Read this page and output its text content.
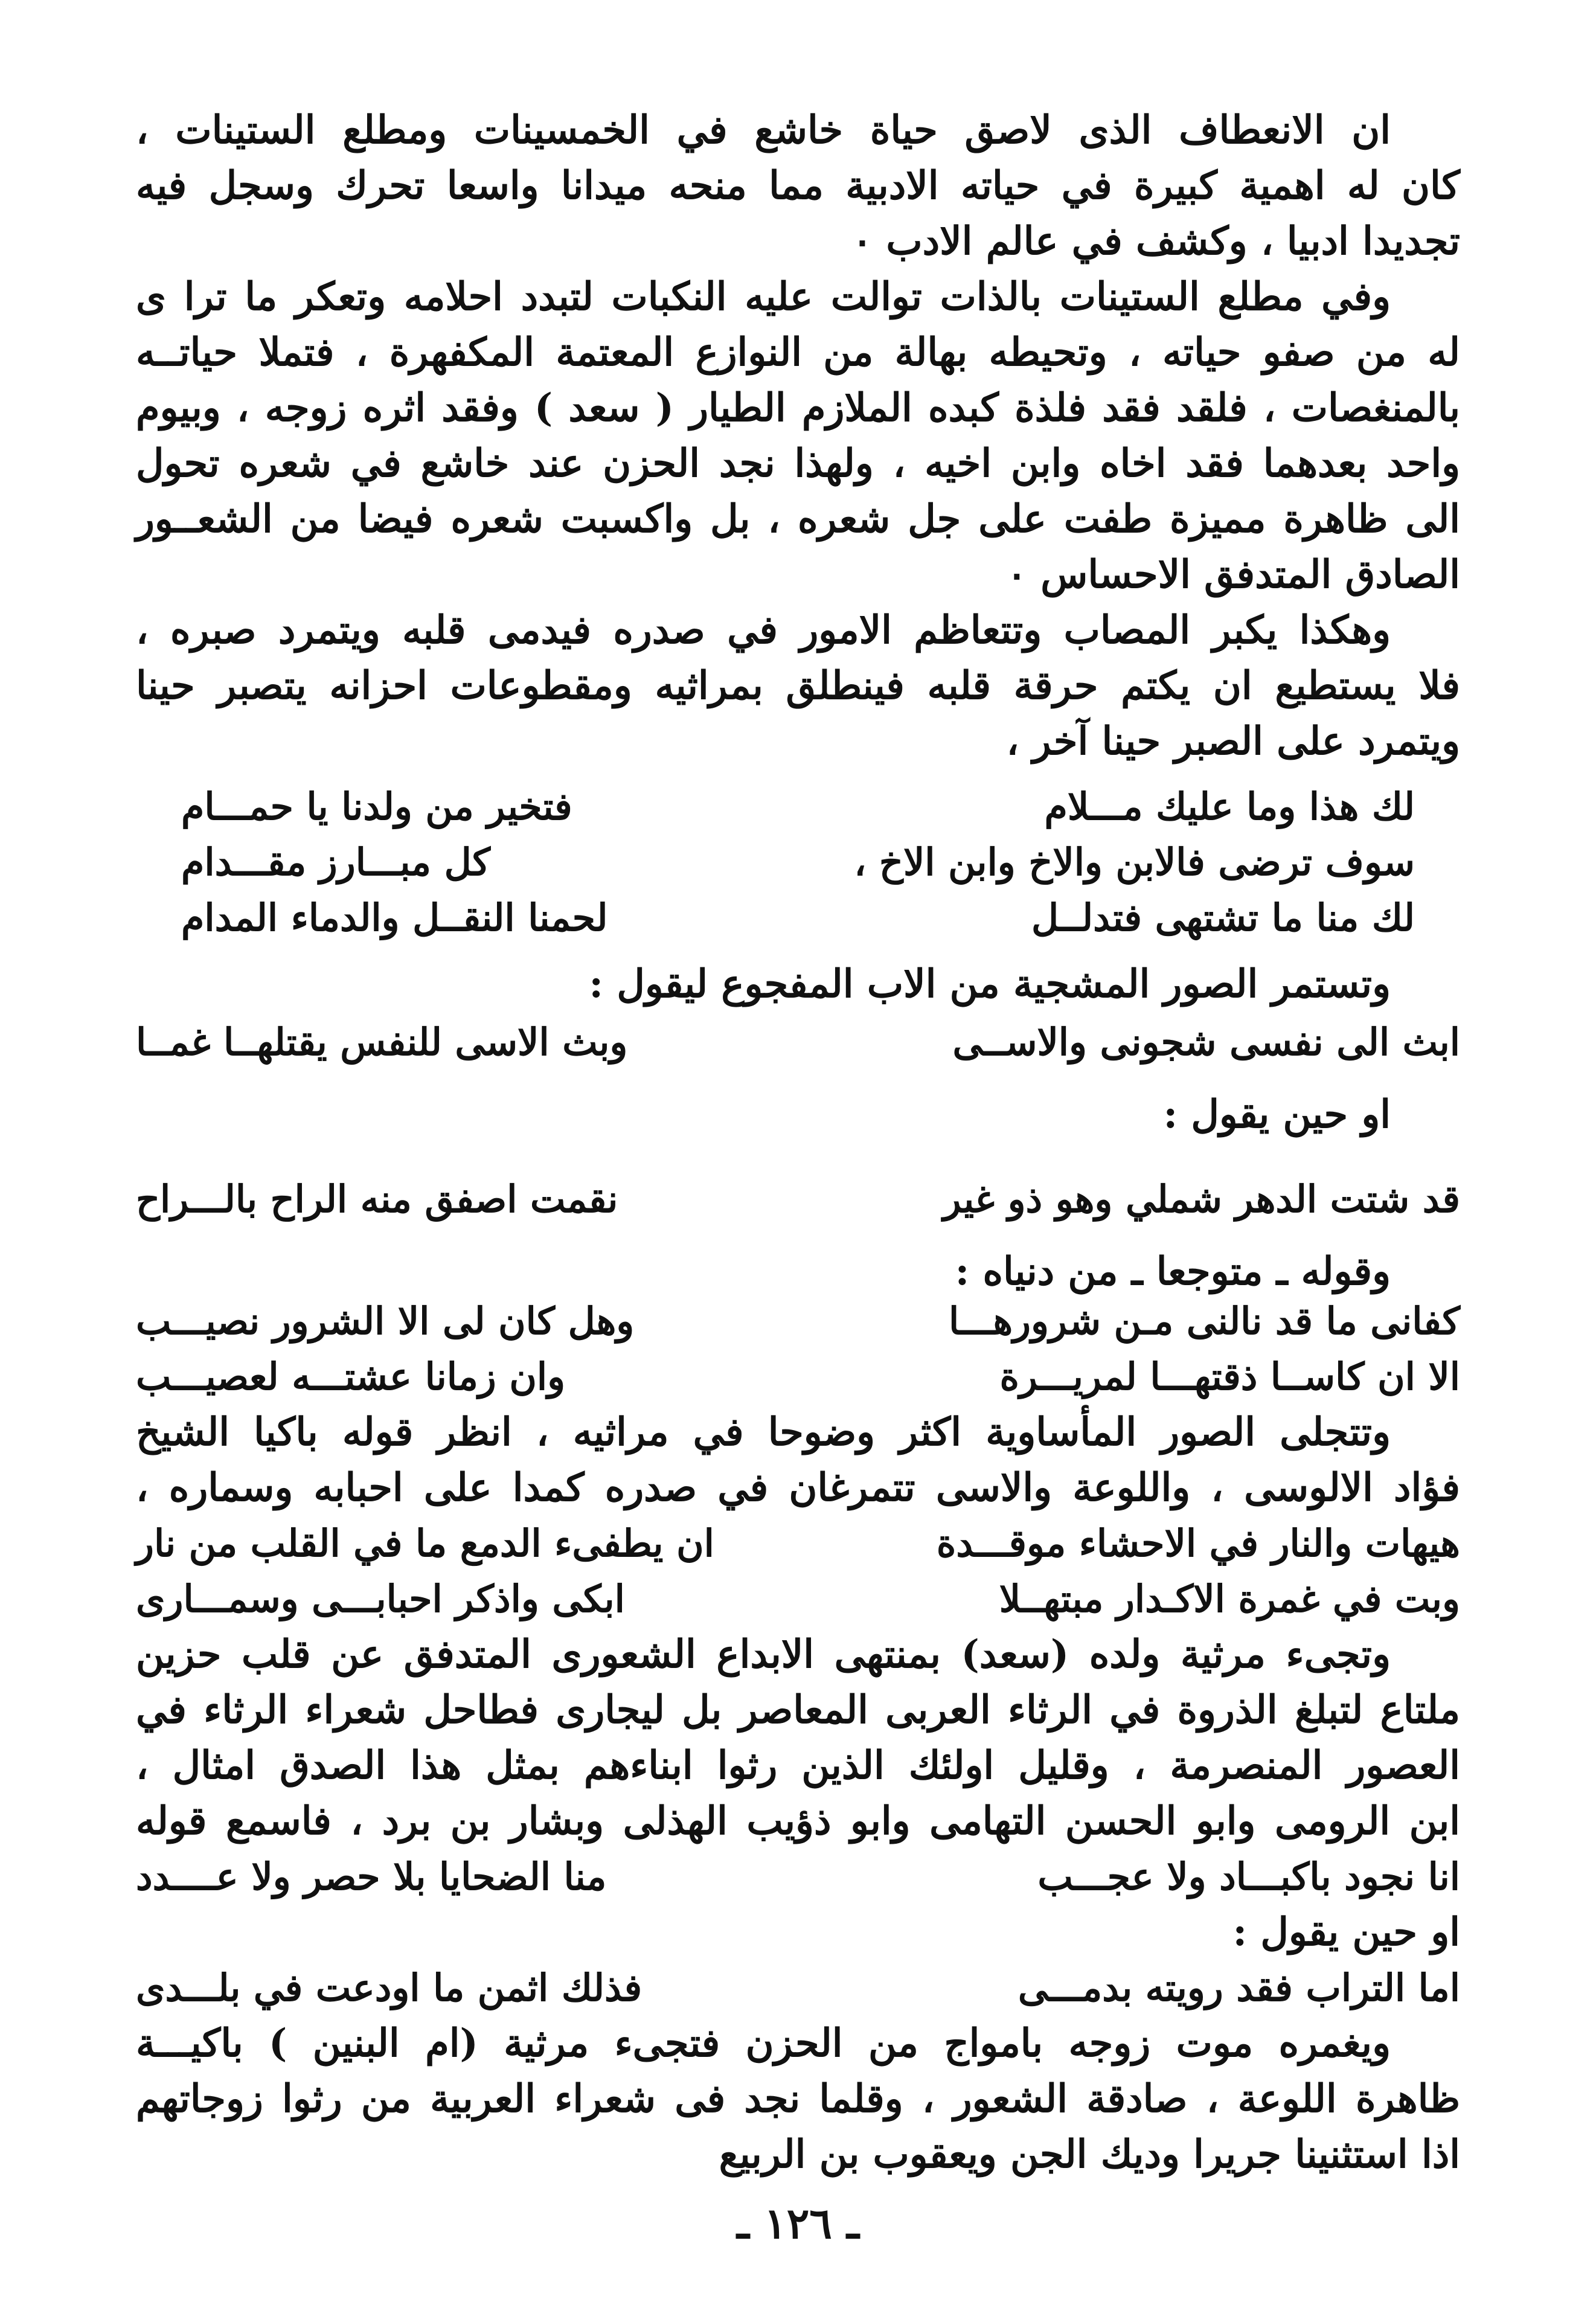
ان الانعطاف الذى لاصق حياة خاشع في الخمسينات ومطلع الستينات ،
كان له اهمية كبيرة في حياته الادبية مما منحه ميدانا واسعا تحرك وسجل فيه
تجديدا ادبيا ، وكشف في عالم الادب ٠
وفي مطلع الستينات بالذات توالت عليه النكبات لتبدد احلامه وتعكر ما ترا ى
له من صفو حياته ، وتحيطه بهالة من النوازع المعتمة المكفهرة ، فتملا حياتــه
بالمنغصات ، فلقد فقد فلذة كبده الملازم الطيار ( سعد ) وفقد اثره زوجه ، وبيوم
واحد بعدهما فقد اخاه وابن اخيه ، ولهذا نجد الحزن عند خاشع في شعره تحول
الى ظاهرة مميزة طفت على جل شعره ، بل واكسبت شعره فيضا من الشعــور
الصادق المتدفق الاحساس ٠
وهكذا يكبر المصاب وتتعاظم الامور في صدره فيدمى قلبه ويتمرد صبره ،
فلا يستطيع ان يكتم حرقة قلبه فينطلق بمراثيه ومقطوعات احزانه يتصبر حينا
ويتمرد على الصبر حينا آخر ،
لك هذا وما عليك مـــلام
فتخير من ولدنا يا حمـــام
سوف ترضى فالابن والاخ وابن الاخ ،
كل مبـــارز مقـــدام
لك منا ما تشتهى فتدلــل
لحمنا النقــل والدماء المدام
وتستمر الصور المشجية من الاب المفجوع ليقول :
ابث الى نفسى شجونى والاســى
وبث الاسى للنفس يقتلهــا غمــا
او حين يقول :
قد شتت الدهر شملي وهو ذو غير
نقمت اصفق منه الراح بالـــراح
وقوله ـ متوجعا ـ من دنياه :
كفانى ما قد نالنى مـن شرورهـــا
وهل كان لى الا الشرور نصيـــب
الا ان كاســا ذقتهـــا لمريـــرة
وان زمانا عشتـــه لعصيـــب
وتتجلى الصور المأساوية اكثر وضوحا في مراثيه ، انظر قوله باكيا الشيخ
فؤاد الالوسى ، واللوعة والاسى تتمرغان في صدره كمدا على احبابه وسماره ،
هيهات والنار في الاحشاء موقـــدة
ان يطفىء الدمع ما في القلب من نار
وبت في غمرة الاكـدار مبتهــلا
ابكى واذكر احبابـــى وسمـــارى
وتجىء مرثية ولده (سعد) بمنتهى الابداع الشعورى المتدفق عن قلب حزين
ملتاع لتبلغ الذروة في الرثاء العربى المعاصر بل ليجارى فطاحل شعراء الرثاء في
العصور المنصرمة ، وقليل اولئك الذين رثوا ابناءهم بمثل هذا الصدق امثال ،
ابن الرومى وابو الحسن التهامى وابو ذؤيب الهذلى وبشار بن برد ، فاسمع قوله
انا نجود باكبـــاد ولا عجـــب
منا الضحايا بلا حصر ولا عــــدد
او حين يقول :
اما التراب فقد رويته بدمـــى
فذلك اثمن ما اودعت في بلـــدى
ويغمره موت زوجه بامواج من الحزن فتجىء مرثية (ام البنين ) باكيـــة
ظاهرة اللوعة ، صادقة الشعور ، وقلما نجد فى شعراء العربية من رثوا زوجاتهم
اذا استثنينا جريرا وديك الجن ويعقوب بن الربيع
ـ ١٢٦ ـ
